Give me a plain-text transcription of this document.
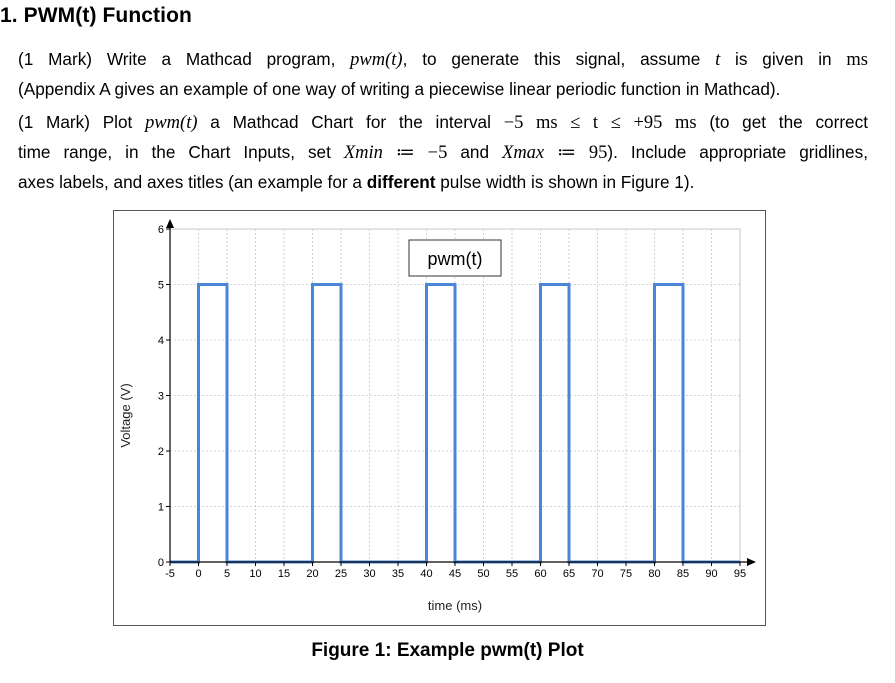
1. PWM(t) Function
(1 Mark) Write a Mathcad program, pwm(t), to generate this signal, assume t is given in ms
(Appendix A gives an example of one way of writing a piecewise linear periodic function in Mathcad).
(1 Mark) Plot pwm(t) a Mathcad Chart for the interval −5 ms ≤ t ≤ +95 ms (to get the correct
time range, in the Chart Inputs, set Xmin ≔ −5 and Xmax ≔ 95). Include appropriate gridlines,
axes labels, and axes titles (an example for a different pulse width is shown in Figure 1).
-5 0 5 10 15 20 25 30 35 40 45 50 55 60 65 70 75 80 85 90 95
0
1
2
3
4
5
6
time (ms)
Voltage (V)
pwm(t)
Figure 1: Example pwm(t) Plot
